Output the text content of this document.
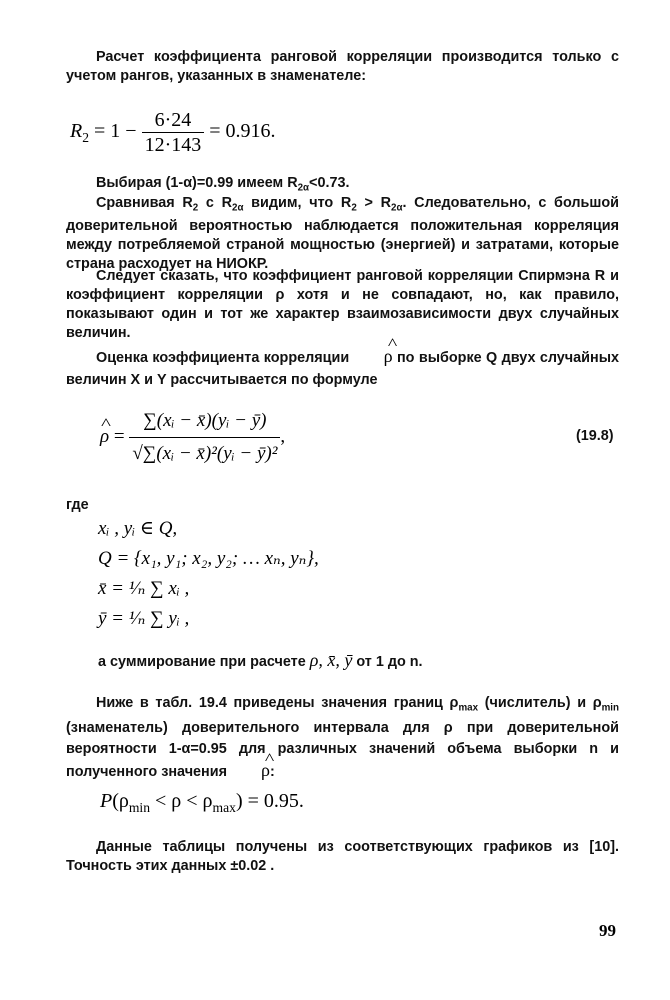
Расчет коэффициента ранговой корреляции производится только с учетом рангов, указанных в знаменателе:
$R_2 = 1 - \frac{6\cdot 24}{12\cdot 143} = 0.916$.
Выбирая (1-α)=0.99 имеем $R_{2\alpha}<0.73$.
Сравнивая $R_2$ с $R_{2\alpha}$ видим, что $R_2 > R_{2\alpha}$. Следовательно, с большой доверительной вероятностью наблюдается положительная корреляция между потребляемой страной мощностью (энергией) и затратами, которые страна расходует на НИОКР.
Следует сказать, что коэффициент ранговой корреляции Спирмэна R и коэффициент корреляции ρ хотя и не совпадают, но, как правило, показывают один и тот же характер взаимозависимости двух случайных величин.
Оценка коэффициента корреляции ^ ρ по выборке Q двух случайных величин X и Y рассчитывается по формуле
^ $\rho = \frac{\text{∑(xᵢ − x̄)(yᵢ − ȳ)}}{\text{√∑(xᵢ − x̄)²(yᵢ − ȳ)²}}$ ,	(19.8)
где
xᵢ , yᵢ ∈ Q,
Q = {x₁, y₁; x₂, y₂; … xₙ, yₙ},
x̄ = ¹⁄ₙ ∑ xᵢ ,
ȳ = ¹⁄ₙ ∑ yᵢ ,
а суммирование при расчете ρ, x̄, ȳ от 1 до n.
Ниже в табл. 19.4 приведены значения границ $\rho_{max}$ (числитель) и $\rho_{min}$ (знаменатель) доверительного интервала для ρ при доверительной вероятности 1-α=0.95 для различных значений объема выборки n и полученного значения ^ ρ:
$P(\rho_{min} < \rho < \rho_{max}) = 0.95$.
Данные таблицы получены из соответствующих графиков из [10]. Точность этих данных ±0.02 .
99
